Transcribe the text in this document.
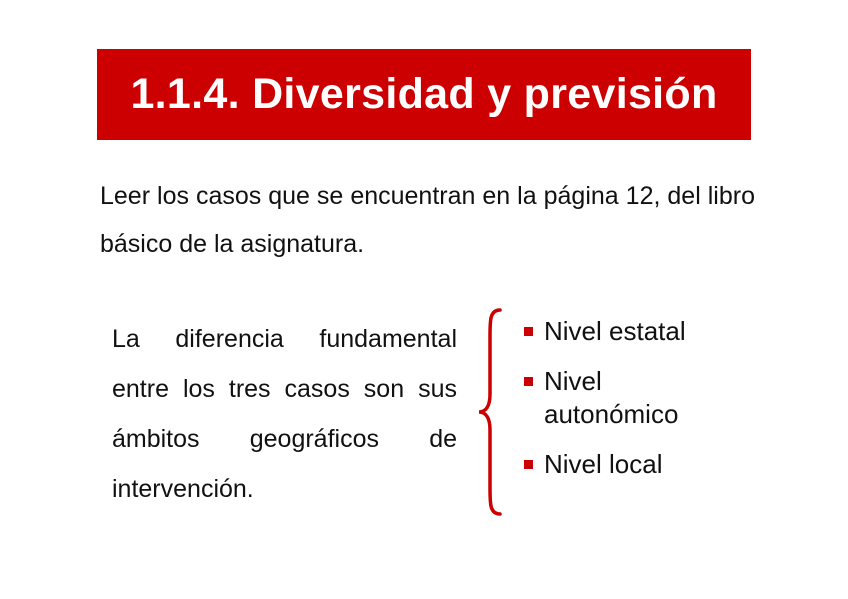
1.1.4. Diversidad y previsión
Leer los casos que se encuentran en la página 12, del libro básico de la asignatura.
La diferencia fundamental entre los tres casos son sus ámbitos geográficos de intervención.
Nivel estatal
Nivel autonómico
Nivel local
